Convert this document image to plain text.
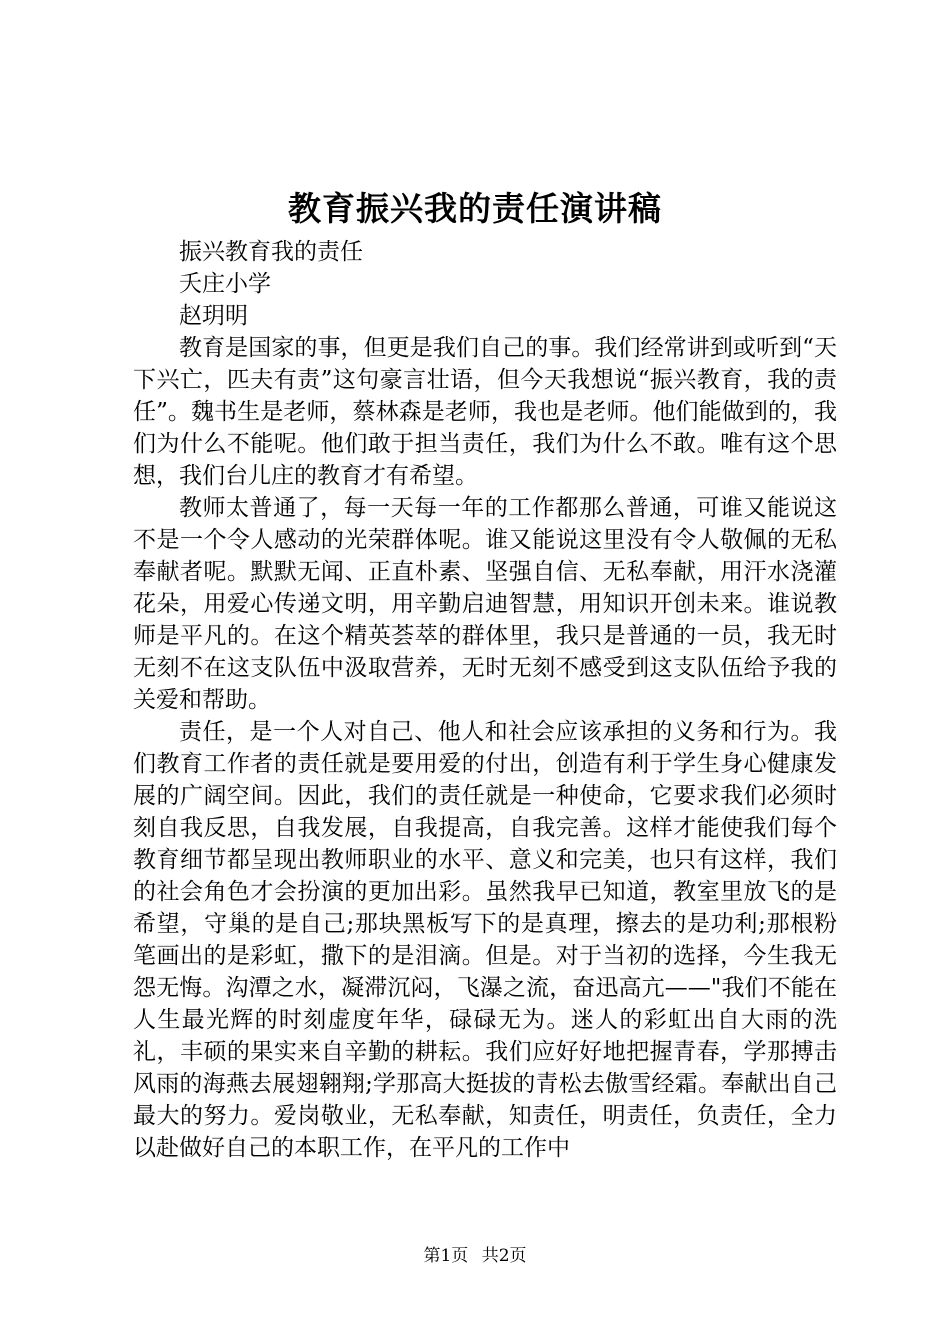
教育振兴我的责任演讲稿

振兴教育我的责任

夭庄小学

赵玥明

教育是国家的事，但更是我们自己的事。我们经常讲到或听到“天下兴亡，匹夫有责”这句豪言壮语，但今天我想说“振兴教育，我的责任”。魏书生是老师，蔡林森是老师，我也是老师。他们能做到的，我们为什么不能呢。他们敢于担当责任，我们为什么不敢。唯有这个思想，我们台儿庄的教育才有希望。

教师太普通了，每一天每一年的工作都那么普通，可谁又能说这不是一个令人感动的光荣群体呢。谁又能说这里没有令人敬佩的无私奉献者呢。默默无闻、正直朴素、坚强自信、无私奉献，用汗水浇灌花朵，用爱心传递文明，用辛勤启迪智慧，用知识开创未来。谁说教师是平凡的。在这个精英荟萃的群体里，我只是普通的一员，我无时无刻不在这支队伍中汲取营养，无时无刻不感受到这支队伍给予我的关爱和帮助。

责任，是一个人对自己、他人和社会应该承担的义务和行为。我们教育工作者的责任就是要用爱的付出，创造有利于学生身心健康发展的广阔空间。因此，我们的责任就是一种使命，它要求我们必须时刻自我反思，自我发展，自我提高，自我完善。这样才能使我们每个教育细节都呈现出教师职业的水平、意义和完美，也只有这样，我们的社会角色才会扮演的更加出彩。虽然我早已知道，教室里放飞的是希望，守巢的是自己;那块黑板写下的是真理，擦去的是功利;那根粉笔画出的是彩虹，撒下的是泪滴。但是。对于当初的选择，今生我无怨无悔。沟潭之水，凝滞沉闷，飞瀑之流，奋迅高亢——"我们不能在人生最光辉的时刻虚度年华，碌碌无为。迷人的彩虹出自大雨的洗礼，丰硕的果实来自辛勤的耕耘。我们应好好地把握青春，学那搏击风雨的海燕去展翅翱翔;学那高大挺拔的青松去傲雪经霜。奉献出自己最大的努力。爱岗敬业，无私奉献，知责任，明责任，负责任，全力以赴做好自己的本职工作，在平凡的工作中

第1页 共2页
